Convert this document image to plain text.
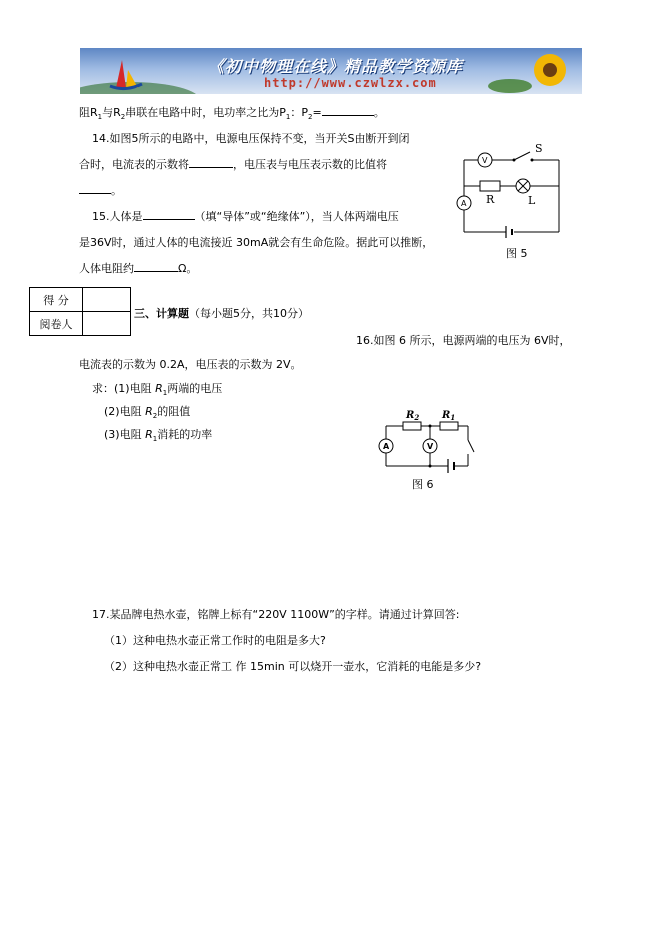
《初中物理在线》精品教学资源库
http://www.czwlzx.com
阻$R_1$与$R_2$串联在电路中时，电功率之比为$P_1$：$P_2=$	。
14.如图5所示的电路中，电源电压保持不变，当开关S由断开到闭
合时，电流表的示数将	，电压表与电压表示数的比值将
。
V
A
S
R	L
图 5
15.人体是	（填“导体”或“绝缘体”），当人体两端电压
是36V时，通过人体的电流接近 30mA就会有生命危险。据此可以推断，
人体电阻约	Ω。
得 分	
阅卷人	
三、计算题（每小题5分，共10分）
16.如图 6 所示，电源两端的电压为 6V时，
电流表的示数为 0.2A，电压表的示数为 2V。
求：(1)电阻 $R_1$两端的电压
(2)电阻 $R_2$的阻值
(3)电阻 $R_1$消耗的功率
A	V
$R_2$ $R_1$
图 6
17.某品牌电热水壶，铭牌上标有“220V 1100W”的字样。请通过计算回答:
（1）这种电热水壶正常工作时的电阻是多大?
（2）这种电热水壶正常工 作 15min 可以烧开一壶水，它消耗的电能是多少?
